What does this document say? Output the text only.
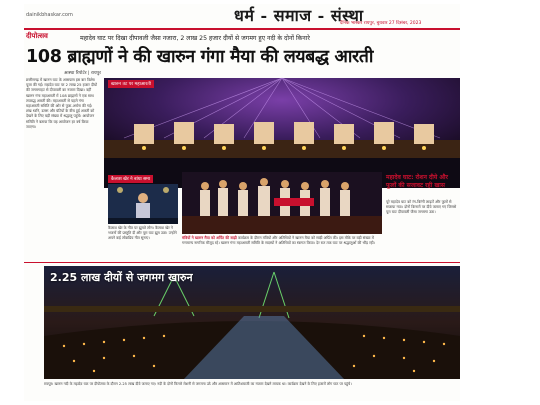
dainikbhaskar.com	धर्म - समाज - संस्था
दैनिक भास्कर रायपुर, बुधवार 27 दिसंबर, 2023
दीपोत्सव	महादेव घाट पर दिखा दीपावली जैसा नजारा, 2 लाख 25 हजार दीयों से जगमग हुए नदी के दोनों किनारे
108 ब्राह्मणों ने की खारुन गंगा मैया की लयबद्ध आरती
आस्था रिपोर्टर | रायपुर
छत्तीसगढ़ में खारुन घाट के आसपास इस बार विशेष पूजा की गई। महादेव घाट पर 2 लाख 25 हजार दीयों की जगमगाहट से दीपावली का नजारा दिखा। वहीं खारुन गंगा महाआरती में 108 ब्राह्मणों ने एक साथ लयबद्ध आरती की। महाआरती से पहले गंगा महाआरती समिति की ओर से पूजा-अर्चना की गई। शंख ध्वनि, डमरू और घंटियों के बीच हुई आरती को देखने के लिए बड़ी संख्या में श्रद्धालु पहुंचे। आयोजन समिति ने बताया कि यह आयोजन हर वर्ष किया जाएगा।
खारुन तट पर महाआरती
कैलाश खेर ने बांधा समा
कैलाश खेर के गीत पर झूमते लोग। कैलाश खेर ने भजनों की प्रस्तुति दी और पूरा घाट झूम उठा। उन्होंने अपने कई लोकप्रिय गीत सुनाए।	मंत्रियों ने खारुन मैया को अर्पित की साड़ी कार्यक्रम के दौरान मंत्रियों और अतिथियों ने खारुन मैया को साड़ी अर्पित की। इस मौके पर बड़ी संख्या में गणमान्य नागरिक मौजूद रहे। खारुन गंगा महाआरती समिति के सदस्यों ने अतिथियों का स्वागत किया। देर रात तक घाट पर श्रद्धालुओं की भीड़ रही।
महादेव घाट: रोशन दीये और फूलों की सजावट रही खास
पूरे महादेव घाट को रंग-बिरंगी लाइटों और फूलों से सजाया गया। दोनों किनारों पर दीये जलाए गए जिससे पूरा घाट दीपावली जैसा जगमगा उठा।
2.25 लाख दीयों से जगमग खारुन
रायपुर। खारुन नदी के महादेव घाट पर दीपोत्सव के दौरान 2.25 लाख दीये जलाए गए। नदी के दोनों किनारे रोशनी से जगमगा उठे और आसमान में आतिशबाजी का नजारा देखने लायक था। कार्यक्रम देखने के लिए हजारों लोग घाट पर पहुंचे।
